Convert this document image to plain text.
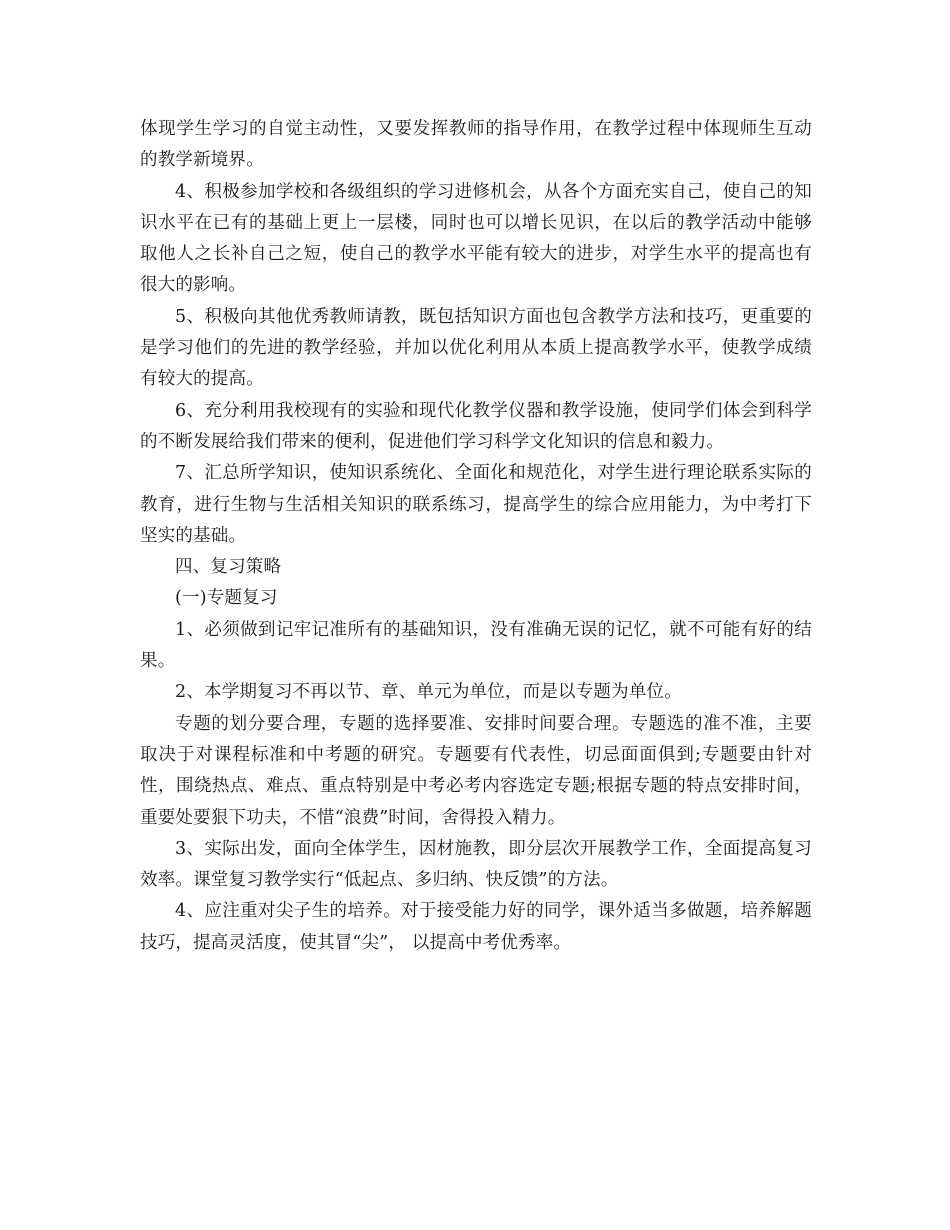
体现学生学习的自觉主动性，又要发挥教师的指导作用，在教学过程中体现师生互动的教学新境界。

4、积极参加学校和各级组织的学习进修机会，从各个方面充实自己，使自己的知识水平在已有的基础上更上一层楼，同时也可以增长见识，在以后的教学活动中能够取他人之长补自己之短，使自己的教学水平能有较大的进步，对学生水平的提高也有很大的影响。

5、积极向其他优秀教师请教，既包括知识方面也包含教学方法和技巧，更重要的是学习他们的先进的教学经验，并加以优化利用从本质上提高教学水平，使教学成绩有较大的提高。

6、充分利用我校现有的实验和现代化教学仪器和教学设施，使同学们体会到科学的不断发展给我们带来的便利，促进他们学习科学文化知识的信息和毅力。

7、汇总所学知识，使知识系统化、全面化和规范化，对学生进行理论联系实际的教育，进行生物与生活相关知识的联系练习，提高学生的综合应用能力，为中考打下坚实的基础。

四、复习策略

(一)专题复习

1、必须做到记牢记准所有的基础知识，没有准确无误的记忆，就不可能有好的结果。

2、本学期复习不再以节、章、单元为单位，而是以专题为单位。

专题的划分要合理，专题的选择要准、安排时间要合理。专题选的准不准，主要取决于对课程标准和中考题的研究。专题要有代表性，切忌面面俱到;专题要由针对性，围绕热点、难点、重点特别是中考必考内容选定专题;根据专题的特点安排时间，重要处要狠下功夫，不惜“浪费”时间，舍得投入精力。

3、实际出发，面向全体学生，因材施教，即分层次开展教学工作，全面提高复习效率。课堂复习教学实行“低起点、多归纳、快反馈”的方法。

4、应注重对尖子生的培养。对于接受能力好的同学，课外适当多做题，培养解题技巧，提高灵活度，使其冒“尖”， 以提高中考优秀率。
